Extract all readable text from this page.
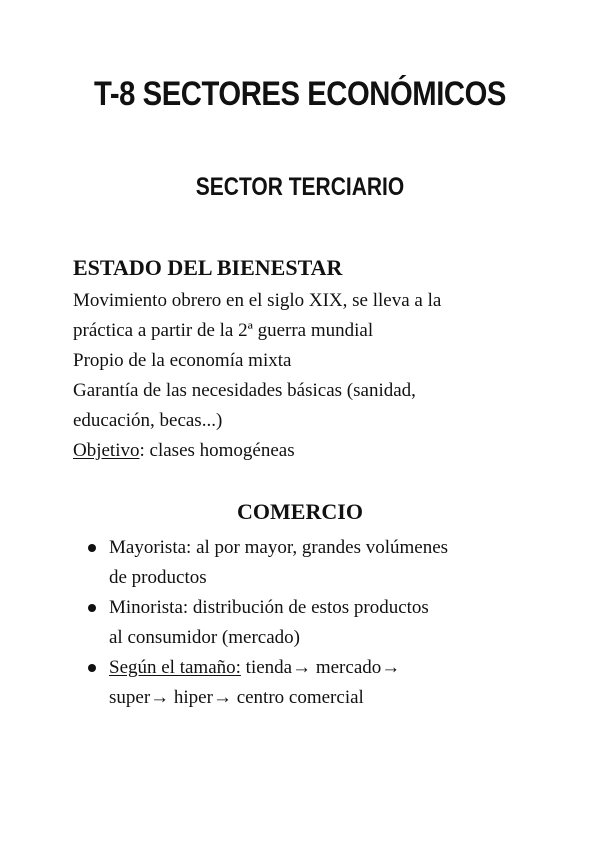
T-8 SECTORES ECONÓMICOS
SECTOR TERCIARIO
ESTADO DEL BIENESTAR
Movimiento obrero en el siglo XIX, se lleva a la
práctica a partir de la 2ª guerra mundial
Propio de la economía mixta
Garantía de las necesidades básicas (sanidad,
educación, becas...)
Objetivo: clases homogéneas
COMERCIO
Mayorista: al por mayor, grandes volúmenes
de productos
Minorista: distribución de estos productos
al consumidor (mercado)
Según el tamaño: tienda→ mercado→
super→ hiper→ centro comercial
